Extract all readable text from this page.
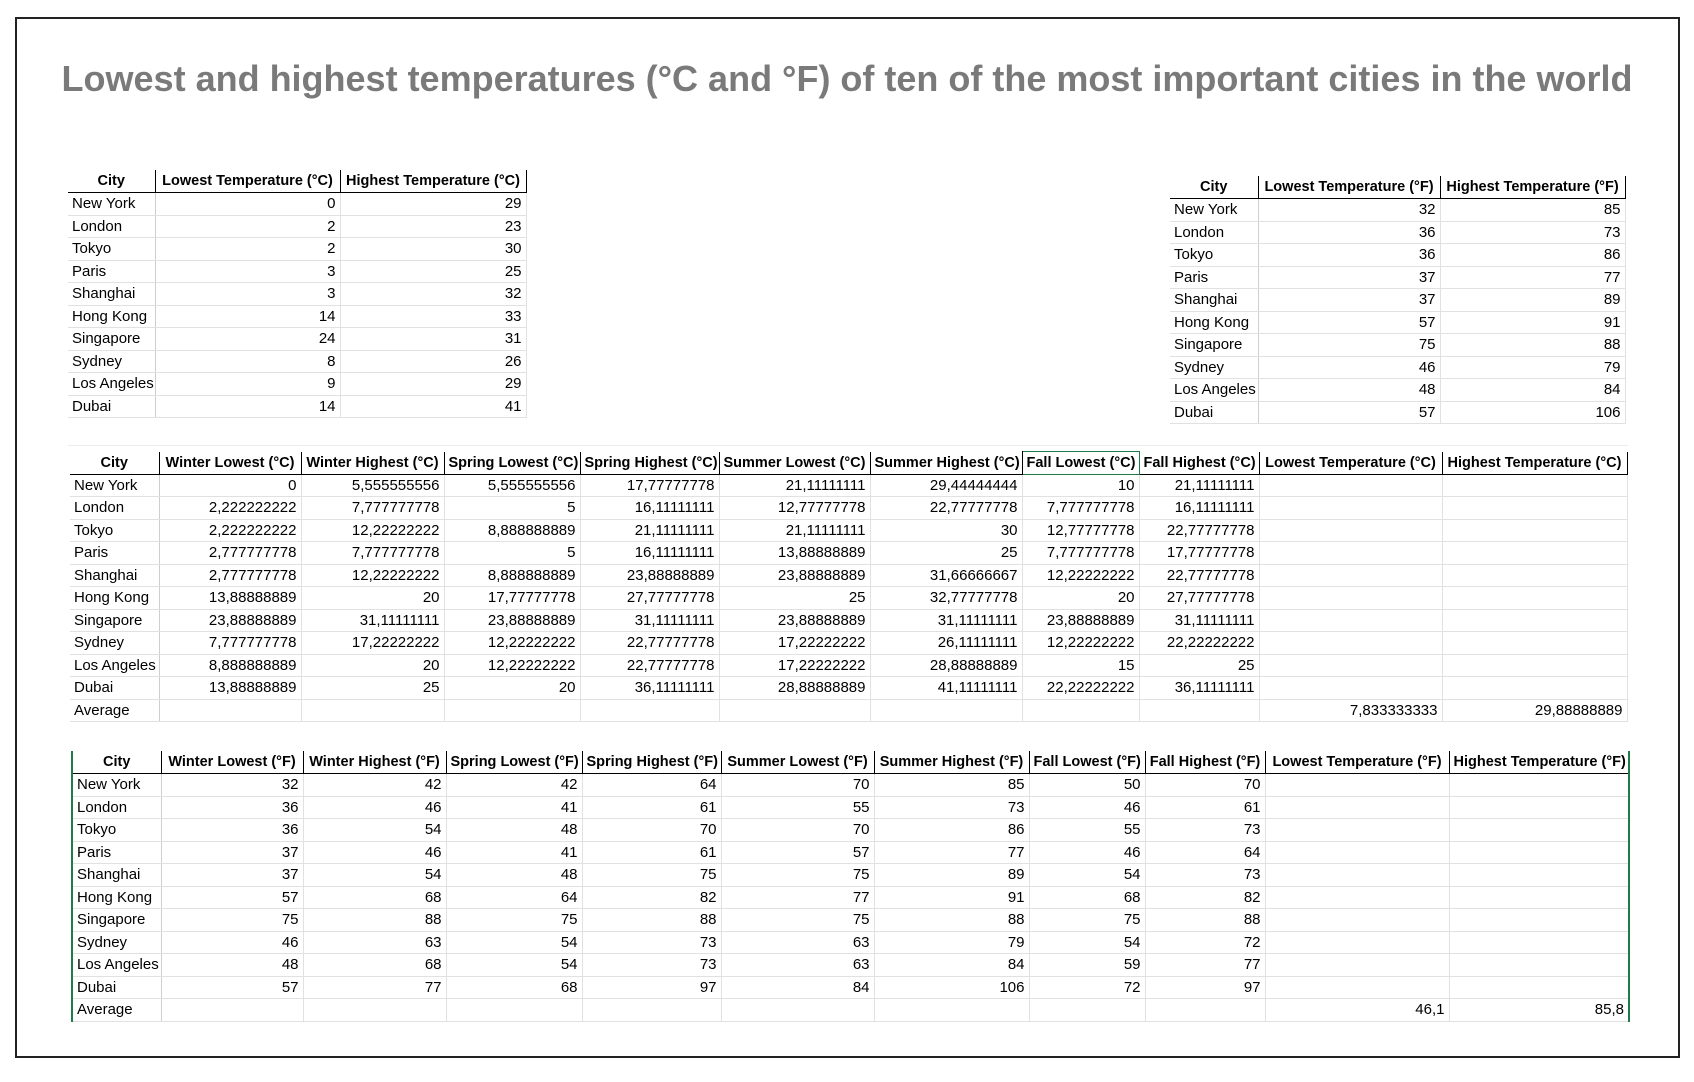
Lowest and highest temperatures (°C and °F) of ten of the most important cities in the world
City	Lowest Temperature (°C)	Highest Temperature (°C)
New York	0	29
London	2	23
Tokyo	2	30
Paris	3	25
Shanghai	3	32
Hong Kong	14	33
Singapore	24	31
Sydney	8	26
Los Angeles	9	29
Dubai	14	41
City	Lowest Temperature (°F)	Highest Temperature (°F)
New York	32	85
London	36	73
Tokyo	36	86
Paris	37	77
Shanghai	37	89
Hong Kong	57	91
Singapore	75	88
Sydney	46	79
Los Angeles	48	84
Dubai	57	106
City	Winter Lowest (°C)	Winter Highest (°C)	Spring Lowest (°C)	Spring Highest (°C)	Summer Lowest (°C)	Summer Highest (°C)	Fall Lowest (°C)	Fall Highest (°C)	Lowest Temperature (°C)	Highest Temperature (°C)
New York	0	5,555555556	5,555555556	17,77777778	21,11111111	29,44444444	10	21,11111111		
London	2,222222222	7,777777778	5	16,11111111	12,77777778	22,77777778	7,777777778	16,11111111		
Tokyo	2,222222222	12,22222222	8,888888889	21,11111111	21,11111111	30	12,77777778	22,77777778		
Paris	2,777777778	7,777777778	5	16,11111111	13,88888889	25	7,777777778	17,77777778		
Shanghai	2,777777778	12,22222222	8,888888889	23,88888889	23,88888889	31,66666667	12,22222222	22,77777778		
Hong Kong	13,88888889	20	17,77777778	27,77777778	25	32,77777778	20	27,77777778		
Singapore	23,88888889	31,11111111	23,88888889	31,11111111	23,88888889	31,11111111	23,88888889	31,11111111		
Sydney	7,777777778	17,22222222	12,22222222	22,77777778	17,22222222	26,11111111	12,22222222	22,22222222		
Los Angeles	8,888888889	20	12,22222222	22,77777778	17,22222222	28,88888889	15	25		
Dubai	13,88888889	25	20	36,11111111	28,88888889	41,11111111	22,22222222	36,11111111		
Average									7,833333333	29,88888889
City	Winter Lowest (°F)	Winter Highest (°F)	Spring Lowest (°F)	Spring Highest (°F)	Summer Lowest (°F)	Summer Highest (°F)	Fall Lowest (°F)	Fall Highest (°F)	Lowest Temperature (°F)	Highest Temperature (°F)
New York	32	42	42	64	70	85	50	70		
London	36	46	41	61	55	73	46	61		
Tokyo	36	54	48	70	70	86	55	73		
Paris	37	46	41	61	57	77	46	64		
Shanghai	37	54	48	75	75	89	54	73		
Hong Kong	57	68	64	82	77	91	68	82		
Singapore	75	88	75	88	75	88	75	88		
Sydney	46	63	54	73	63	79	54	72		
Los Angeles	48	68	54	73	63	84	59	77		
Dubai	57	77	68	97	84	106	72	97		
Average									46,1	85,8
